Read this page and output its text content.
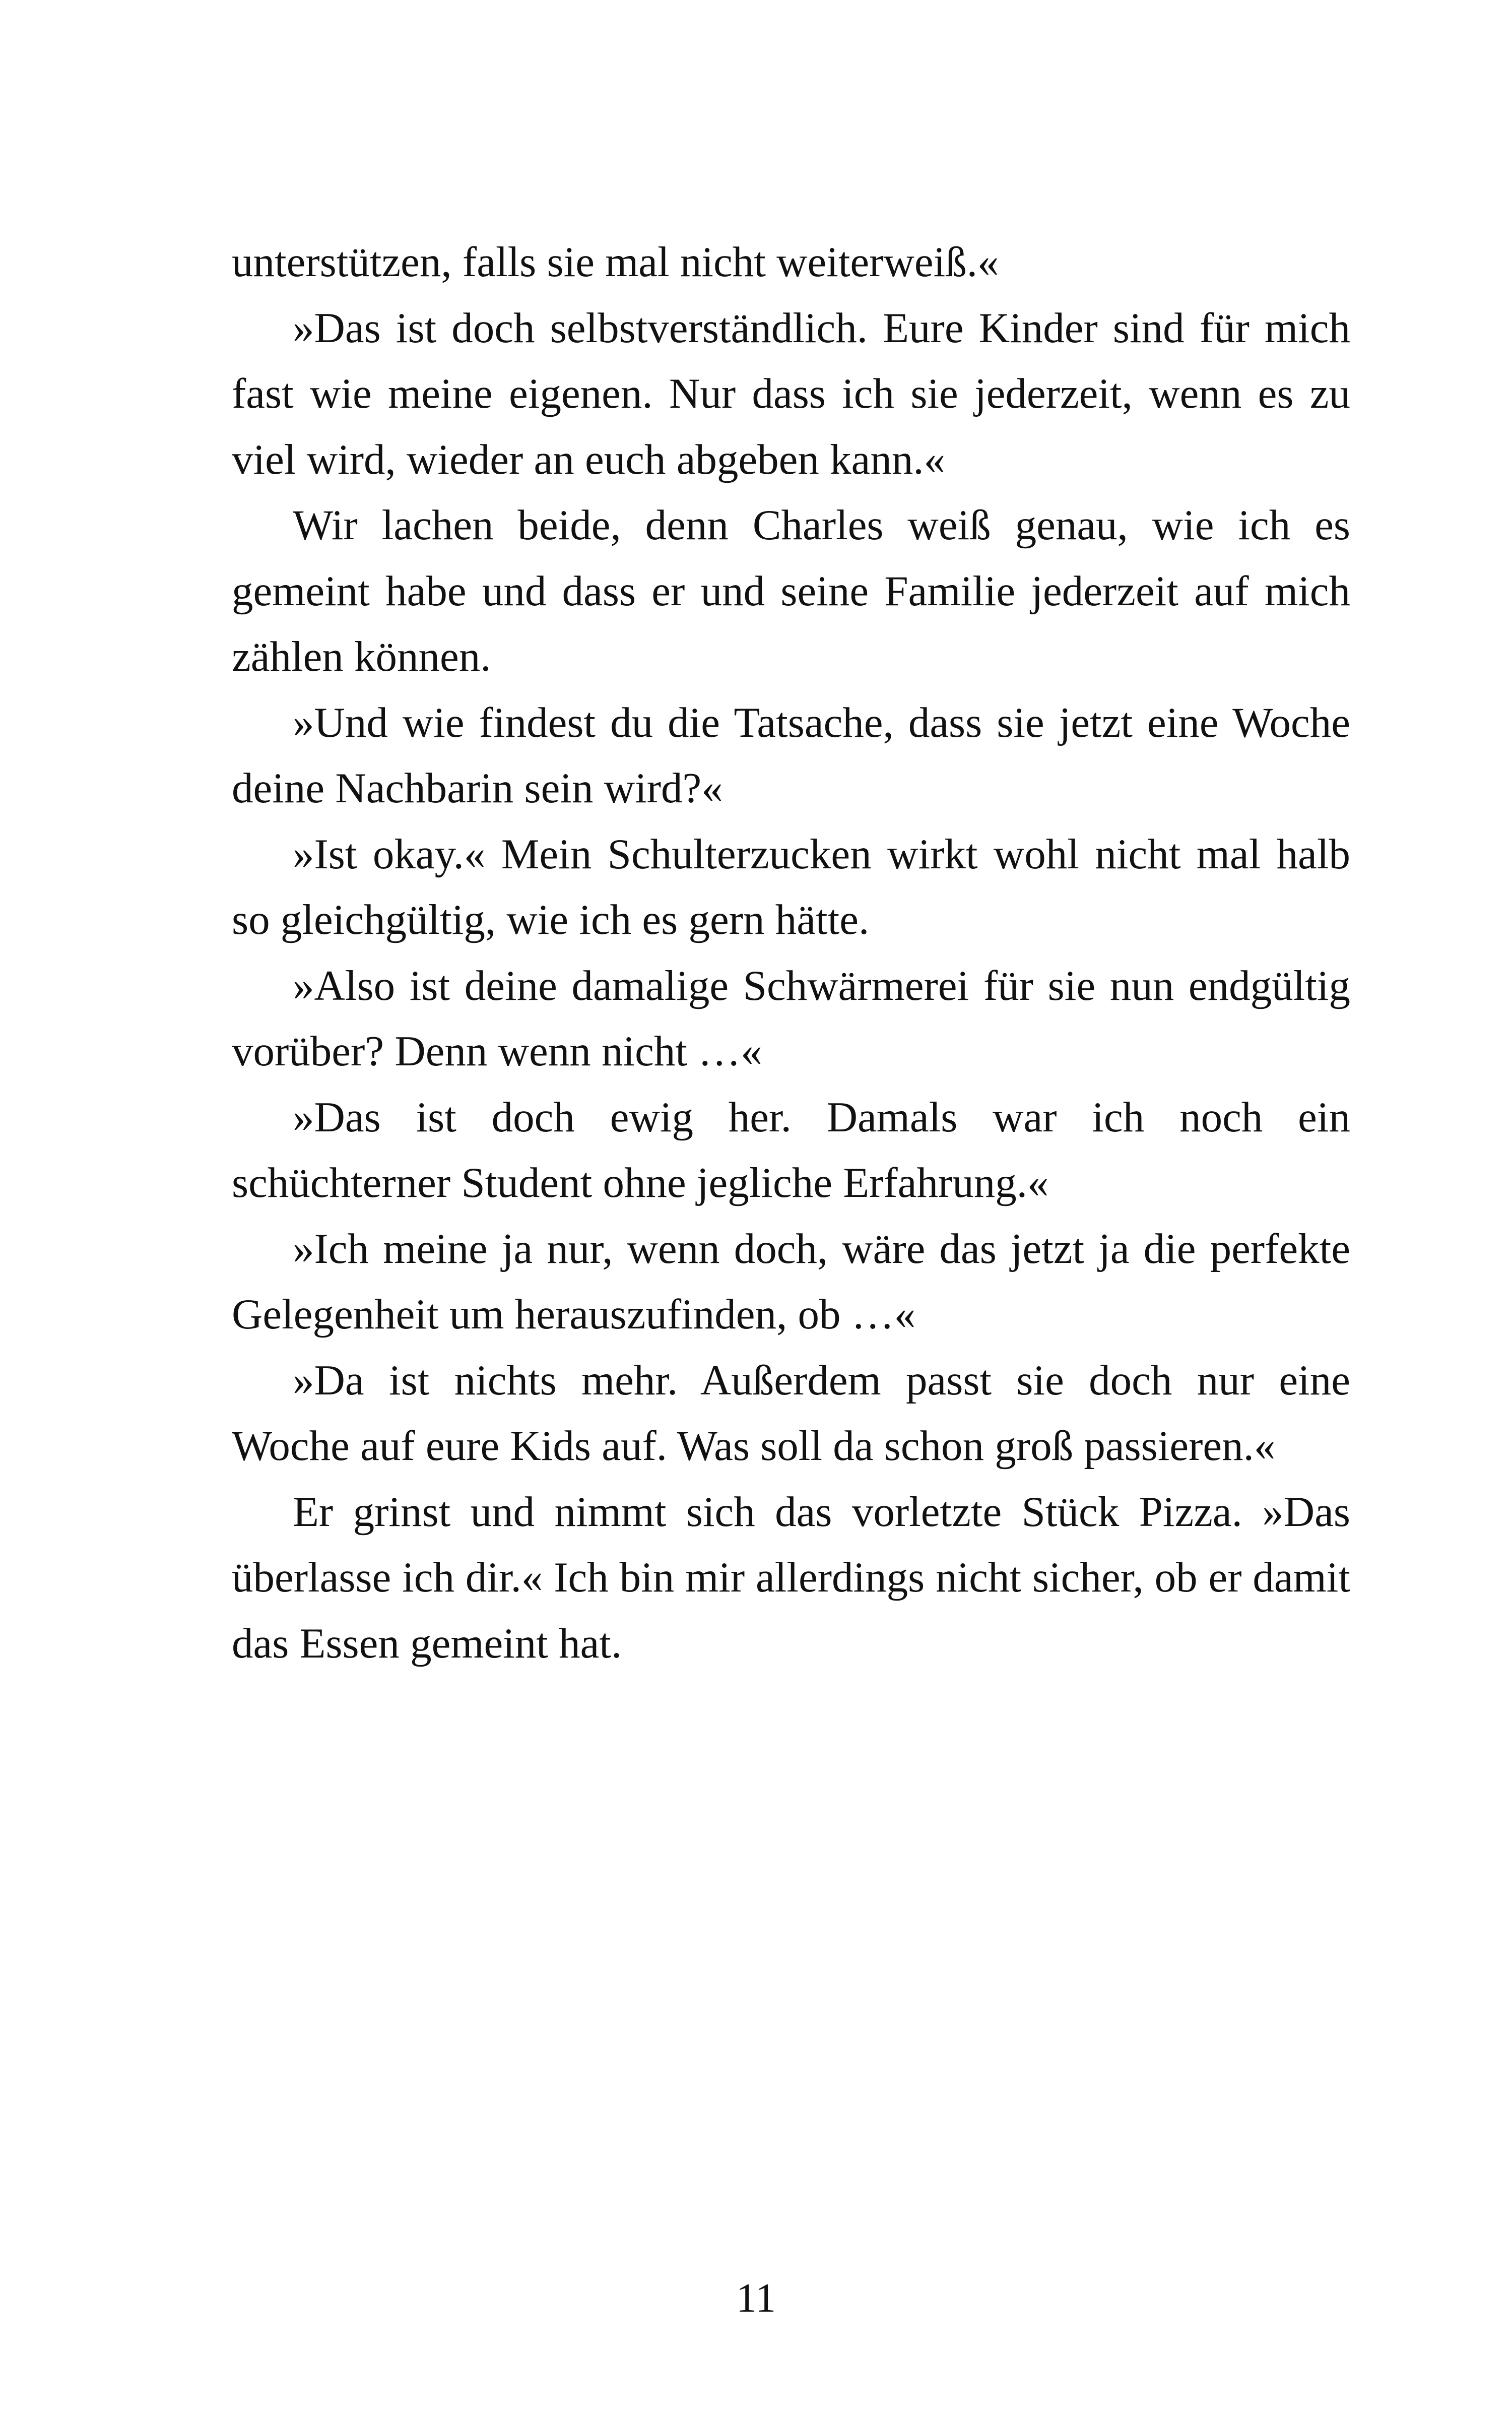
unterstützen, falls sie mal nicht weiterweiß.«

»Das ist doch selbstverständlich. Eure Kinder sind für mich fast wie meine eigenen. Nur dass ich sie jederzeit, wenn es zu viel wird, wieder an euch abgeben kann.«

Wir lachen beide, denn Charles weiß genau, wie ich es gemeint habe und dass er und seine Familie jederzeit auf mich zählen können.

»Und wie findest du die Tatsache, dass sie jetzt eine Woche deine Nachbarin sein wird?«

»Ist okay.« Mein Schulterzucken wirkt wohl nicht mal halb so gleichgültig, wie ich es gern hätte.

»Also ist deine damalige Schwärmerei für sie nun endgültig vorüber? Denn wenn nicht …«

»Das ist doch ewig her. Damals war ich noch ein schüchterner Student ohne jegliche Erfahrung.«

»Ich meine ja nur, wenn doch, wäre das jetzt ja die perfekte Gelegenheit um herauszufinden, ob …«

»Da ist nichts mehr. Außerdem passt sie doch nur eine Woche auf eure Kids auf. Was soll da schon groß passieren.«

Er grinst und nimmt sich das vorletzte Stück Pizza. »Das überlasse ich dir.« Ich bin mir allerdings nicht sicher, ob er damit das Essen gemeint hat.

11
